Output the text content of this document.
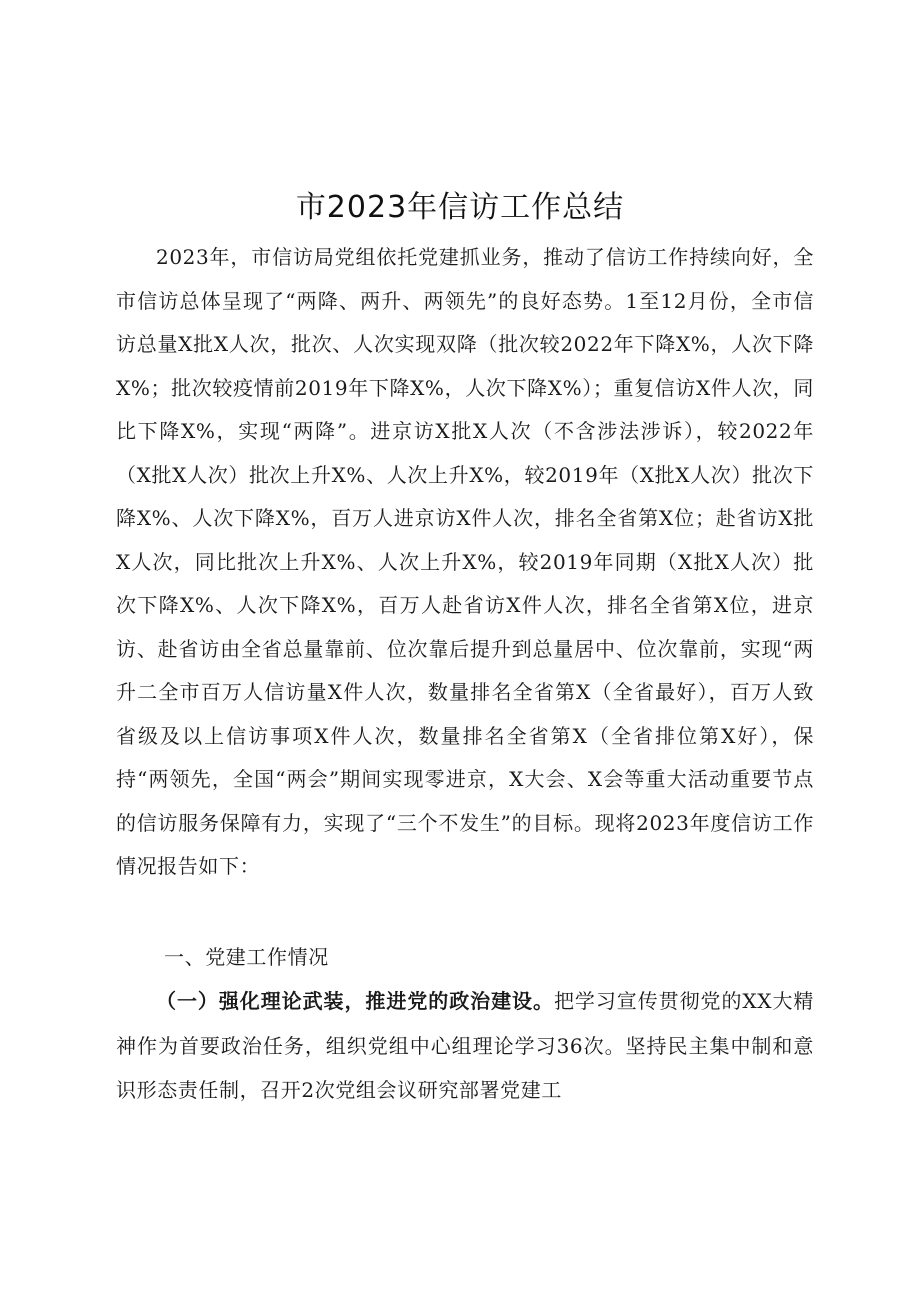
市2023年信访工作总结

2023年，市信访局党组依托党建抓业务，推动了信访工作持续向好，全市信访总体呈现了“两降、两升、两领先”的良好态势。1至12月份，全市信访总量X批X人次，批次、人次实现双降（批次较2022年下降X%，人次下降X%；批次较疫情前2019年下降X%，人次下降X%）；重复信访X件人次，同比下降X%，实现“两降”。进京访X批X人次（不含涉法涉诉），较2022年（X批X人次）批次上升X%、人次上升X%，较2019年（X批X人次）批次下降X%、人次下降X%，百万人进京访X件人次，排名全省第X位；赴省访X批X人次，同比批次上升X%、人次上升X%，较2019年同期（X批X人次）批次下降X%、人次下降X%，百万人赴省访X件人次，排名全省第X位，进京访、赴省访由全省总量靠前、位次靠后提升到总量居中、位次靠前，实现“两升二全市百万人信访量X件人次，数量排名全省第X（全省最好），百万人致省级及以上信访事项X件人次，数量排名全省第X（全省排位第X好），保持“两领先，全国“两会”期间实现零进京，X大会、X会等重大活动重要节点的信访服务保障有力，实现了“三个不发生”的目标。现将2023年度信访工作情况报告如下：

一、党建工作情况

（一）强化理论武装，推进党的政治建设。把学习宣传贯彻党的XX大精神作为首要政治任务，组织党组中心组理论学习36次。坚持民主集中制和意识形态责任制，召开2次党组会议研究部署党建工
